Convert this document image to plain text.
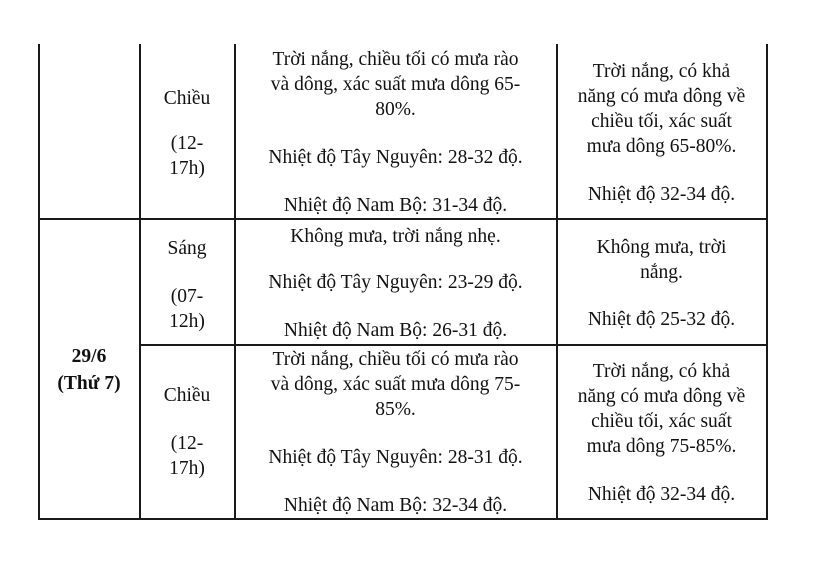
Chiều
(12-
17h)
Trời nắng, chiều tối có mưa rào
và dông, xác suất mưa dông 65-
80%.
Nhiệt độ Tây Nguyên: 28-32 độ.
Nhiệt độ Nam Bộ: 31-34 độ.
Trời nắng, có khả
năng có mưa dông về
chiều tối, xác suất
mưa dông 65-80%.
Nhiệt độ 32-34 độ.
29/6
(Thứ 7)
Sáng
(07-
12h)
Không mưa, trời nắng nhẹ.
Nhiệt độ Tây Nguyên: 23-29 độ.
Nhiệt độ Nam Bộ: 26-31 độ.
Không mưa, trời
nắng.
Nhiệt độ 25-32 độ.
Chiều
(12-
17h)
Trời nắng, chiều tối có mưa rào
và dông, xác suất mưa dông 75-
85%.
Nhiệt độ Tây Nguyên: 28-31 độ.
Nhiệt độ Nam Bộ: 32-34 độ.
Trời nắng, có khả
năng có mưa dông về
chiều tối, xác suất
mưa dông 75-85%.
Nhiệt độ 32-34 độ.
